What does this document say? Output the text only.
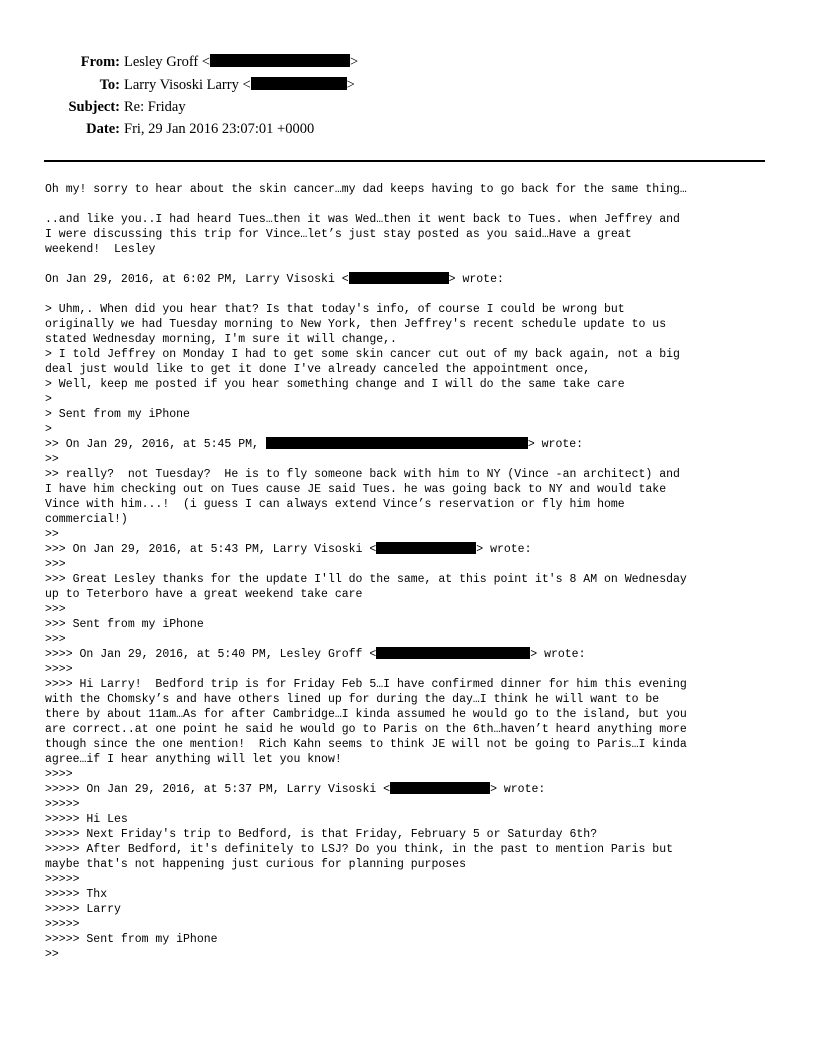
From: Lesley Groff <	>
To: Larry Visoski Larry <	>
Subject: Re: Friday
Date: Fri, 29 Jan 2016 23:07:01 +0000
Oh my! sorry to hear about the skin cancer…my dad keeps having to go back for the same thing…

..and like you..I had heard Tues…then it was Wed…then it went back to Tues. when Jeffrey and
I were discussing this trip for Vince…let’s just stay posted as you said…Have a great
weekend!  Lesley

On Jan 29, 2016, at 6:02 PM, Larry Visoski <	> wrote:

> Uhm,. When did you hear that? Is that today's info, of course I could be wrong but
originally we had Tuesday morning to New York, then Jeffrey's recent schedule update to us
stated Wednesday morning, I'm sure it will change,.
> I told Jeffrey on Monday I had to get some skin cancer cut out of my back again, not a big
deal just would like to get it done I've already canceled the appointment once,
> Well, keep me posted if you hear something change and I will do the same take care
>
> Sent from my iPhone
>
>> On Jan 29, 2016, at 5:45 PM,	> wrote:
>>
>> really?  not Tuesday?  He is to fly someone back with him to NY (Vince -an architect) and
I have him checking out on Tues cause JE said Tues. he was going back to NY and would take
Vince with him...!  (i guess I can always extend Vince’s reservation or fly him home
commercial!)
>>
>>> On Jan 29, 2016, at 5:43 PM, Larry Visoski <	> wrote:
>>>
>>> Great Lesley thanks for the update I'll do the same, at this point it's 8 AM on Wednesday
up to Teterboro have a great weekend take care
>>>
>>> Sent from my iPhone
>>>
>>>> On Jan 29, 2016, at 5:40 PM, Lesley Groff <	> wrote:
>>>>
>>>> Hi Larry!  Bedford trip is for Friday Feb 5…I have confirmed dinner for him this evening
with the Chomsky’s and have others lined up for during the day…I think he will want to be
there by about 11am…As for after Cambridge…I kinda assumed he would go to the island, but you
are correct..at one point he said he would go to Paris on the 6th…haven’t heard anything more
though since the one mention!  Rich Kahn seems to think JE will not be going to Paris…I kinda
agree…if I hear anything will let you know!
>>>>
>>>>> On Jan 29, 2016, at 5:37 PM, Larry Visoski <	> wrote:
>>>>>
>>>>> Hi Les
>>>>> Next Friday's trip to Bedford, is that Friday, February 5 or Saturday 6th?
>>>>> After Bedford, it's definitely to LSJ? Do you think, in the past to mention Paris but
maybe that's not happening just curious for planning purposes
>>>>>
>>>>> Thx
>>>>> Larry
>>>>>
>>>>> Sent from my iPhone
>>
